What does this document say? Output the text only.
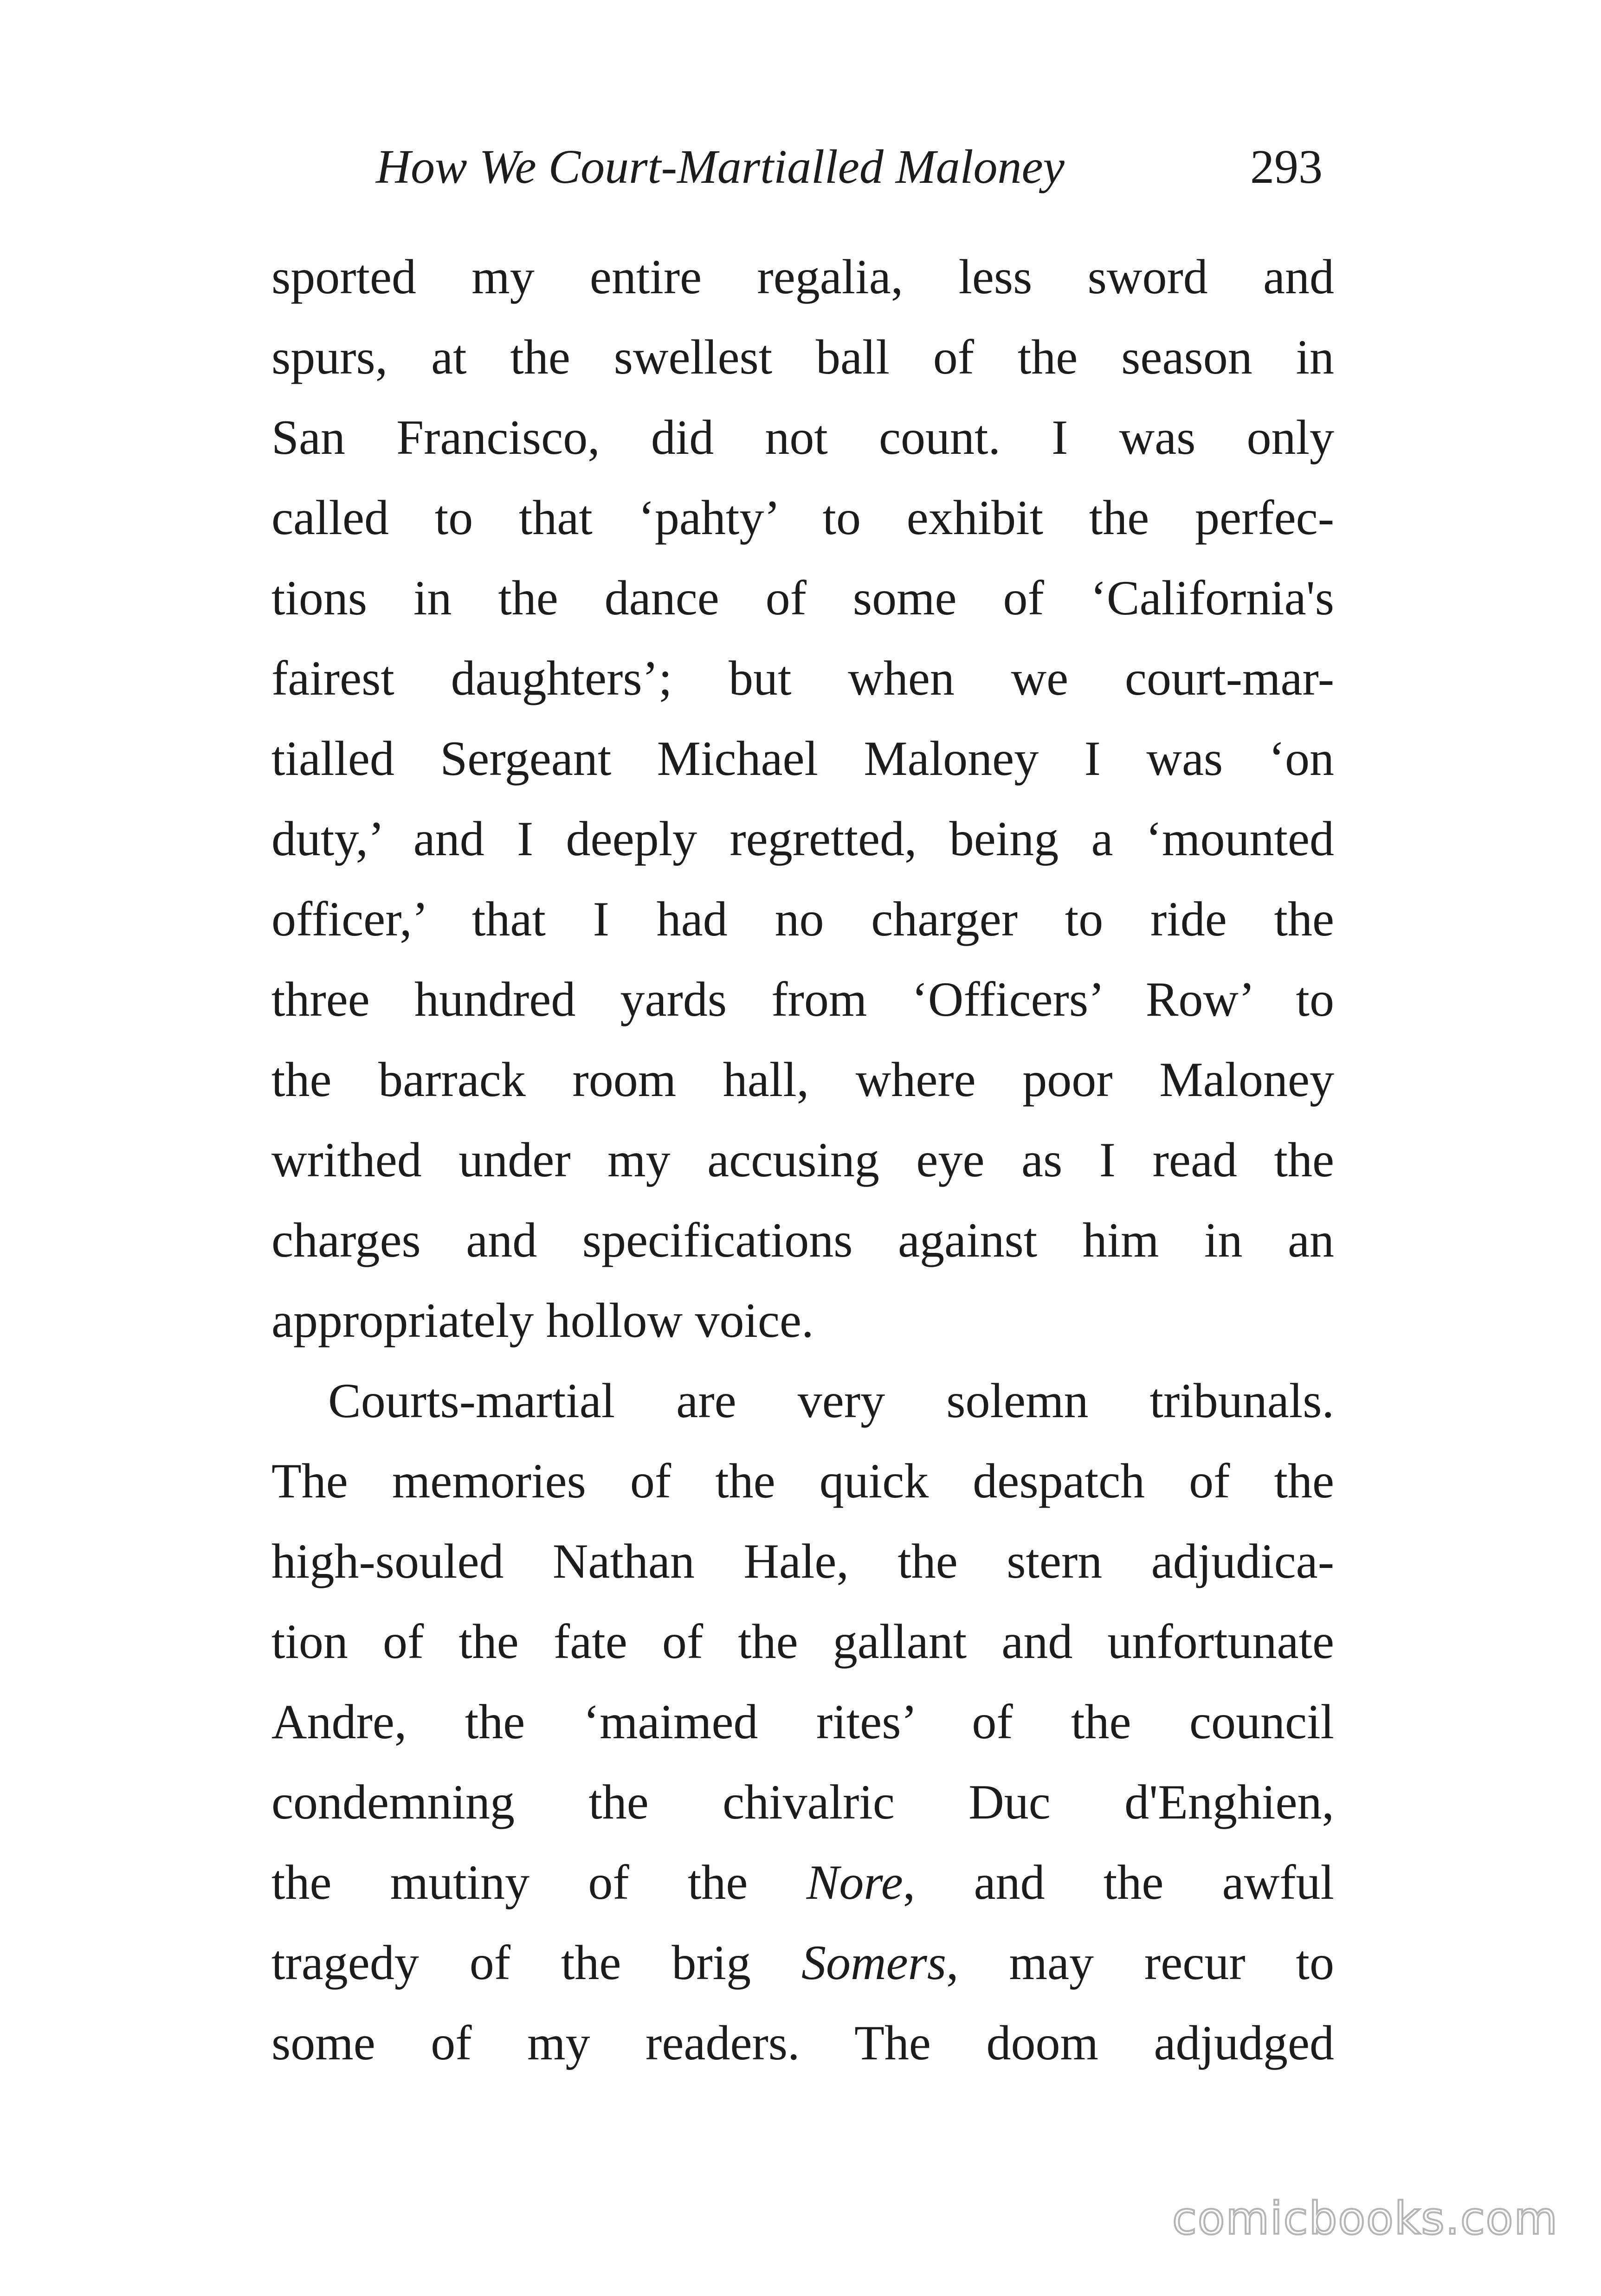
How We Court-Martialled Maloney	293
sported my entire regalia, less sword and
spurs, at the swellest ball of the season in
San Francisco, did not count. I was only
called to that ‘pahty’ to exhibit the perfec-
tions in the dance of some of ‘California's
fairest daughters’; but when we court-mar-
tialled Sergeant Michael Maloney I was ‘on
duty,’ and I deeply regretted, being a ‘mounted
officer,’ that I had no charger to ride the
three hundred yards from ‘Officers’ Row’ to
the barrack room hall, where poor Maloney
writhed under my accusing eye as I read the
charges and specifications against him in an
appropriately hollow voice.
Courts-martial are very solemn tribunals.
The memories of the quick despatch of the
high-souled Nathan Hale, the stern adjudica-
tion of the fate of the gallant and unfortunate
Andre, the ‘maimed rites’ of the council
condemning the chivalric Duc d'Enghien,
the mutiny of the Nore, and the awful
tragedy of the brig Somers, may recur to
some of my readers. The doom adjudged
comicbooks.com
